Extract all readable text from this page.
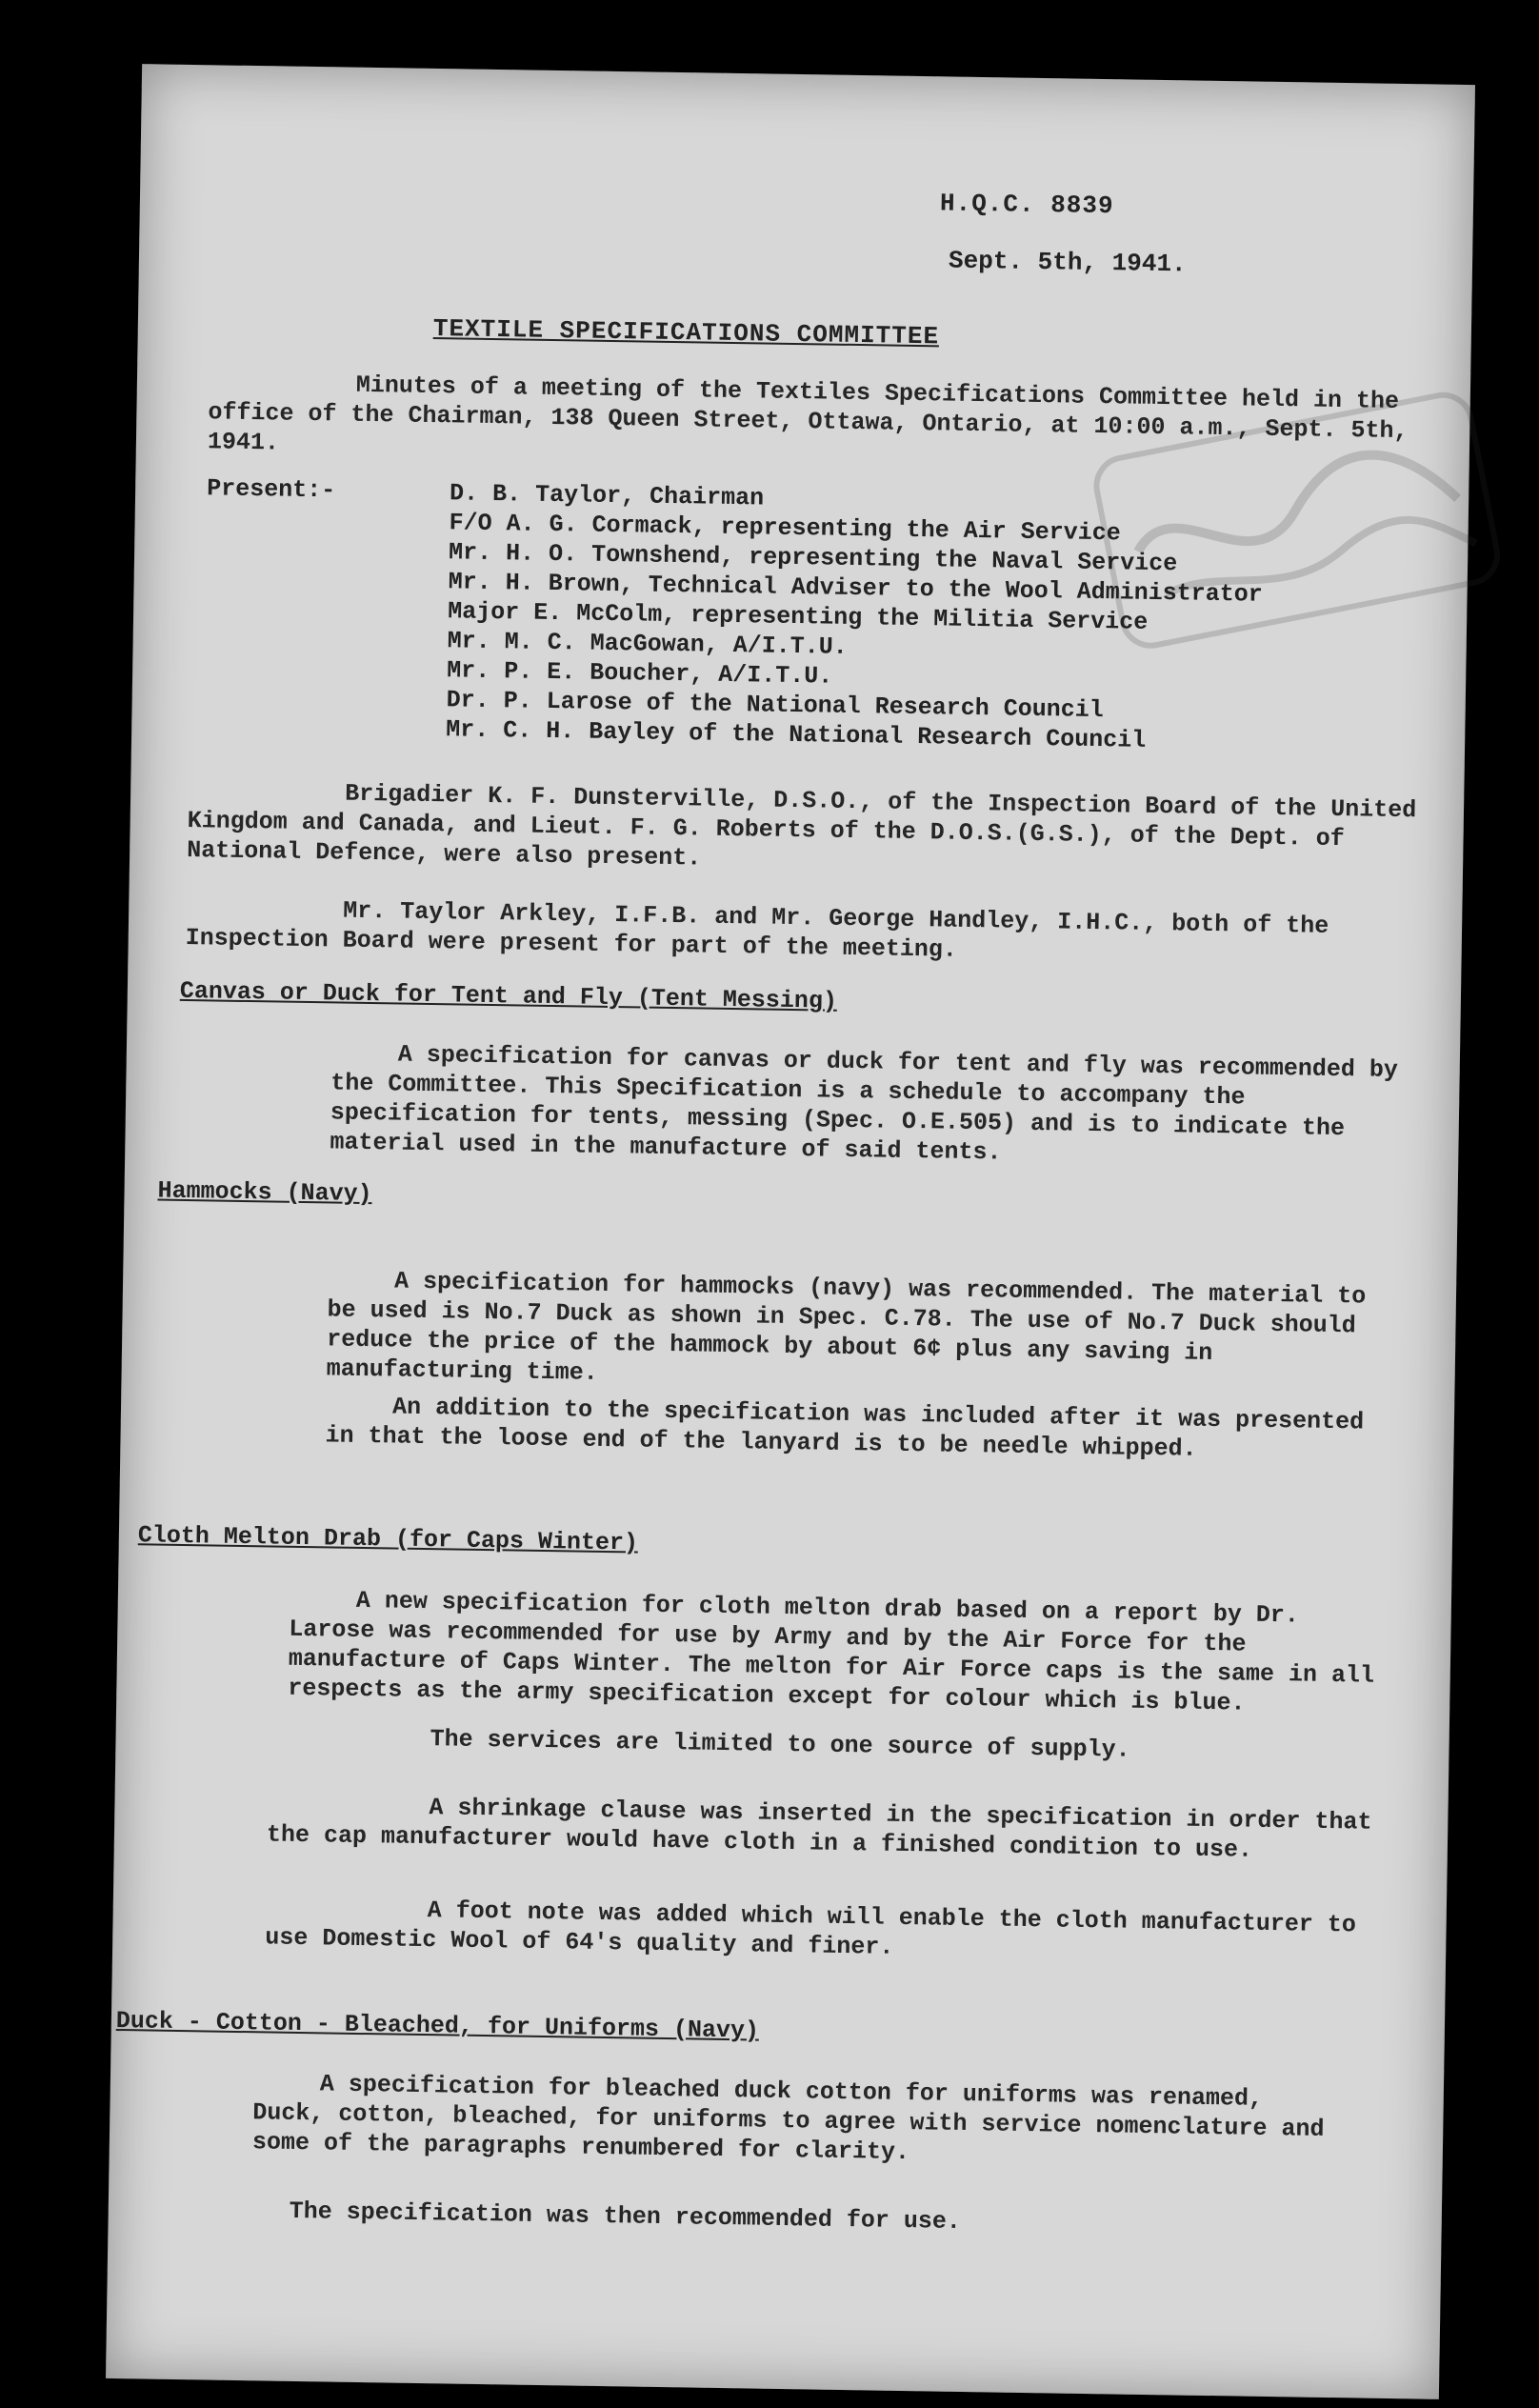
H.Q.C. 8839
Sept. 5th, 1941.
TEXTILE SPECIFICATIONS COMMITTEE
Minutes of a meeting of the Textiles Specifications Committee held in the office of the Chairman, 138 Queen Street, Ottawa, Ontario, at 10:00 a.m., Sept. 5th, 1941.
Present:-	D. B. Taylor, Chairman
F/O A. G. Cormack, representing the Air Service
Mr. H. O. Townshend, representing the Naval Service
Mr. H. Brown, Technical Adviser to the Wool Administrator
Major E. McColm, representing the Militia Service
Mr. M. C. MacGowan, A/I.T.U.
Mr. P. E. Boucher, A/I.T.U.
Dr. P. Larose of the National Research Council
Mr. C. H. Bayley of the National Research Council
Brigadier K. F. Dunsterville, D.S.O., of the Inspection Board of the United Kingdom and Canada, and Lieut. F. G. Roberts of the D.O.S.(G.S.), of the Dept. of National Defence, were also present.
Mr. Taylor Arkley, I.F.B. and Mr. George Handley, I.H.C., both of the Inspection Board were present for part of the meeting.
Canvas or Duck for Tent and Fly (Tent Messing)
A specification for canvas or duck for tent and fly was recommended by the Committee. This Specification is a schedule to accompany the specification for tents, messing (Spec. O.E.505) and is to indicate the material used in the manufacture of said tents.
Hammocks (Navy)
A specification for hammocks (navy) was recommended. The material to be used is No.7 Duck as shown in Spec. C.78. The use of No.7 Duck should reduce the price of the hammock by about 6¢ plus any saving in manufacturing time.
An addition to the specification was included after it was presented in that the loose end of the lanyard is to be needle whipped.
Cloth Melton Drab (for Caps Winter)
A new specification for cloth melton drab based on a report by Dr. Larose was recommended for use by Army and by the Air Force for the manufacture of Caps Winter. The melton for Air Force caps is the same in all respects as the army specification except for colour which is blue.
The services are limited to one source of supply.
A shrinkage clause was inserted in the specification in order that the cap manufacturer would have cloth in a finished condition to use.
A foot note was added which will enable the cloth manufacturer to use Domestic Wool of 64's quality and finer.
Duck - Cotton - Bleached, for Uniforms (Navy)
A specification for bleached duck cotton for uniforms was renamed, Duck, cotton, bleached, for uniforms to agree with service nomenclature and some of the paragraphs renumbered for clarity.
The specification was then recommended for use.
